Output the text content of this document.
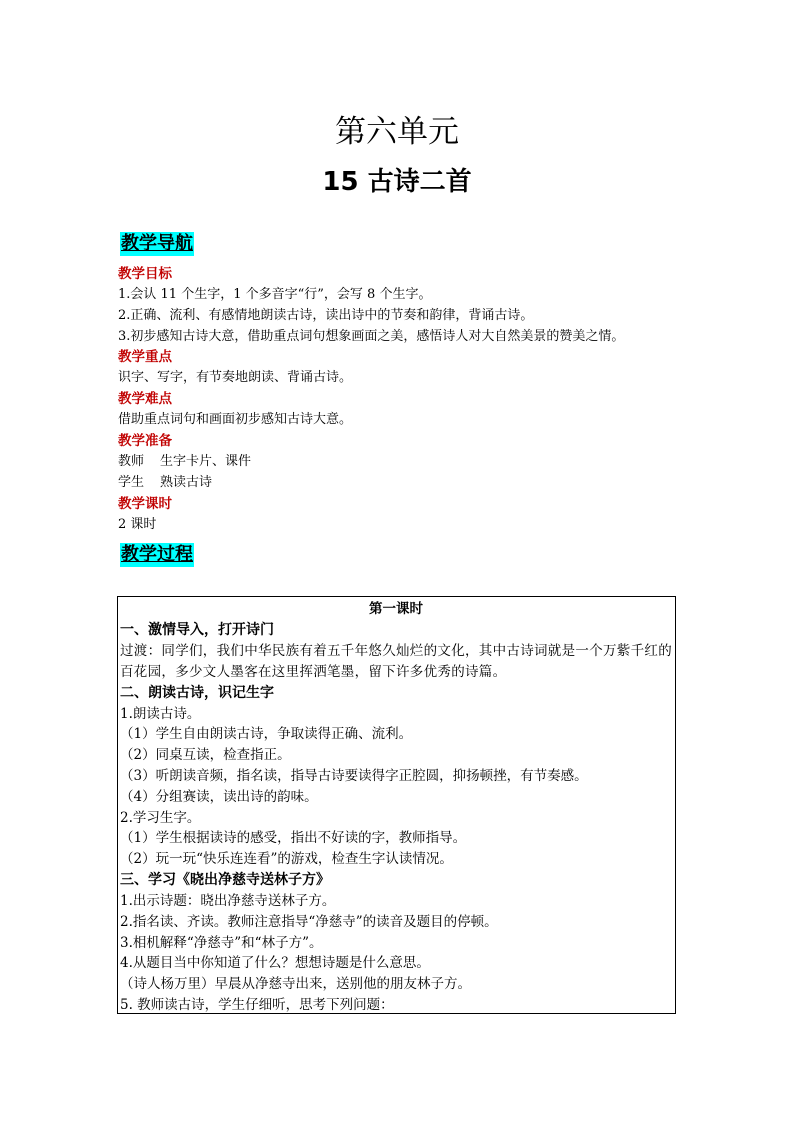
第六单元
15 古诗二首
教学导航

教学目标

1.会认 11 个生字，1 个多音字“行”，会写 8 个生字。

2.正确、流利、有感情地朗读古诗，读出诗中的节奏和韵律，背诵古诗。

3.初步感知古诗大意，借助重点词句想象画面之美，感悟诗人对大自然美景的赞美之情。

教学重点

识字、写字，有节奏地朗读、背诵古诗。

教学难点

借助重点词句和画面初步感知古诗大意。

教学准备

教师 生字卡片、课件

学生 熟读古诗

教学课时

2 课时

教学过程

第一课时

一、激情导入，打开诗门

过渡：同学们，我们中华民族有着五千年悠久灿烂的文化，其中古诗词就是一个万紫千红的百花园，多少文人墨客在这里挥洒笔墨，留下许多优秀的诗篇。

二、朗读古诗，识记生字

1.朗读古诗。

（1）学生自由朗读古诗，争取读得正确、流利。

（2）同桌互读，检查指正。

（3）听朗读音频，指名读，指导古诗要读得字正腔圆，抑扬顿挫，有节奏感。

（4）分组赛读，读出诗的韵味。

2.学习生字。

（1）学生根据读诗的感受，指出不好读的字，教师指导。

（2）玩一玩“快乐连连看”的游戏，检查生字认读情况。

三、学习《晓出净慈寺送林子方》

1.出示诗题：晓出净慈寺送林子方。

2.指名读、齐读。教师注意指导“净慈寺”的读音及题目的停顿。

3.相机解释“净慈寺”和“林子方”。

4.从题目当中你知道了什么？想想诗题是什么意思。

（诗人杨万里）早晨从净慈寺出来，送别他的朋友林子方。

5. 教师读古诗，学生仔细听，思考下列问题：
